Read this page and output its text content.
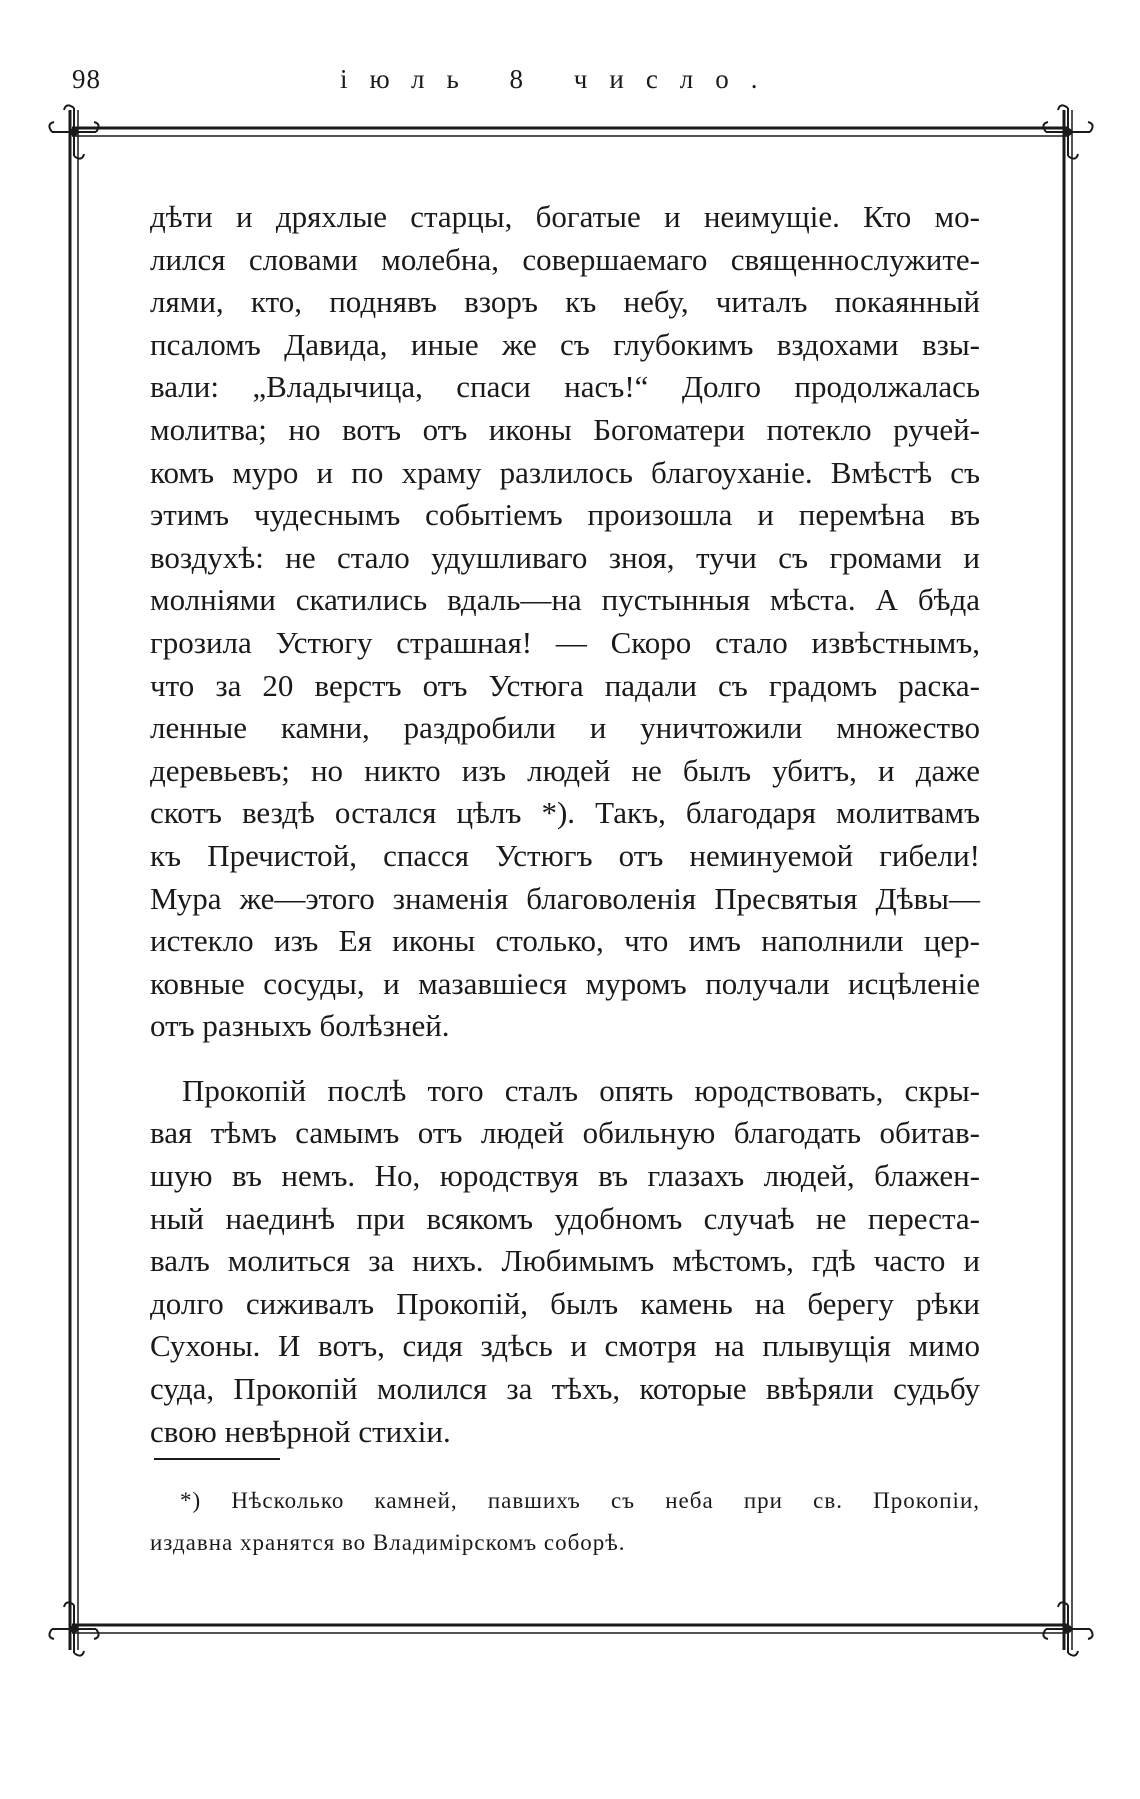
98	іюль 8 число.
дѣти и дряхлые старцы, богатые и неимущіе. Кто мо-
лился словами молебна, совершаемаго священнослужите-
лями, кто, поднявъ взоръ къ небу, читалъ покаянный
псаломъ Давида, иные же съ глубокимъ вздохами взы-
вали: „Владычица, спаси насъ!“ Долго продолжалась
молитва; но вотъ отъ иконы Богоматери потекло ручей-
комъ муро и по храму разлилось благоуханіе. Вмѣстѣ съ
этимъ чудеснымъ событіемъ произошла и перемѣна въ
воздухѣ: не стало удушливаго зноя, тучи съ громами и
молніями скатились вдаль—на пустынныя мѣста. А бѣда
грозила Устюгу страшная! — Скоро стало извѣстнымъ,
что за 20 верстъ отъ Устюга падали съ градомъ раска-
ленные камни, раздробили и уничтожили множество
деревьевъ; но никто изъ людей не былъ убитъ, и даже
скотъ вездѣ остался цѣлъ *). Такъ, благодаря молитвамъ
къ Пречистой, спасся Устюгъ отъ неминуемой гибели!
Мура же—этого знаменія благоволенія Пресвятыя Дѣвы—
истекло изъ Ея иконы столько, что имъ наполнили цер-
ковные сосуды, и мазавшіеся муромъ получали исцѣленіе
отъ разныхъ болѣзней.
Прокопій послѣ того сталъ опять юродствовать, скры-
вая тѣмъ самымъ отъ людей обильную благодать обитав-
шую въ немъ. Но, юродствуя въ глазахъ людей, блажен-
ный наединѣ при всякомъ удобномъ случаѣ не переста-
валъ молиться за нихъ. Любимымъ мѣстомъ, гдѣ часто и
долго сиживалъ Прокопій, былъ камень на берегу рѣки
Сухоны. И вотъ, сидя здѣсь и смотря на плывущія мимо
суда, Прокопій молился за тѣхъ, которые ввѣряли судьбу
свою невѣрной стихіи.
*) Нѣсколько камней, павшихъ съ неба при св. Прокопіи,
издавна хранятся во Владимірскомъ соборѣ.
